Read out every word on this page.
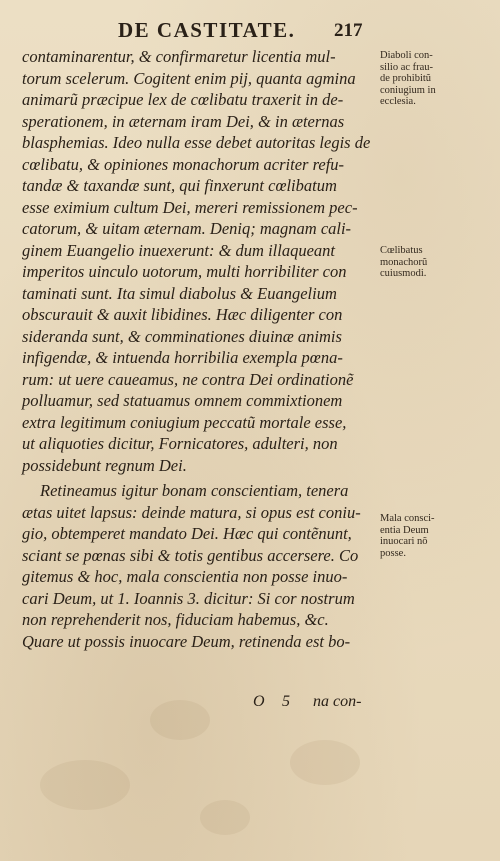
DE CASTITATE. 217
contaminarentur, & confirmaretur licentia mul-
torum scelerum. Cogitent enim pij, quanta agmina
animarũ præcipue lex de cœlibatu traxerit in de-
sperationem, in æternam iram Dei, & in æternas
blasphemias. Ideo nulla esse debet autoritas legis de
cœlibatu, & opiniones monachorum acriter refu-
tandæ & taxandæ sunt, qui finxerunt cœlibatum
esse eximium cultum Dei, mereri remissionem pec-
catorum, & uitam æternam. Deniq; magnam cali-
ginem Euangelio inuexerunt: & dum illaqueant
imperitos uinculo uotorum, multi horribiliter con
taminati sunt. Ita simul diabolus & Euangelium
obscurauit & auxit libidines. Hæc diligenter con
sideranda sunt, & comminationes diuinæ animis
infigendæ, & intuenda horribilia exempla pœna-
rum: ut uere caueamus, ne contra Dei ordinationẽ
polluamur, sed statuamus omnem commixtionem
extra legitimum coniugium peccatũ mortale esse,
ut aliquoties dicitur, Fornicatores, adulteri, non
possidebunt regnum Dei.
Retineamus igitur bonam conscientiam, tenera
ætas uitet lapsus: deinde matura, si opus est coniu-
gio, obtemperet mandato Dei. Hæc qui contẽnunt,
sciant se pœnas sibi & totis gentibus accersere. Co
gitemus & hoc, mala conscientia non posse inuo-
cari Deum, ut 1. Ioannis 3. dicitur: Si cor nostrum
non reprehenderit nos, fiduciam habemus, &c.
Quare ut possis inuocare Deum, retinenda est bo-
Diaboli con-
silio ac frau-
de prohibitũ
coniugium in
ecclesia.
Cœlibatus
monachorũ
cuiusmodi.
Mala consci-
entia Deum
inuocari nõ
posse.
O 5 na con-
